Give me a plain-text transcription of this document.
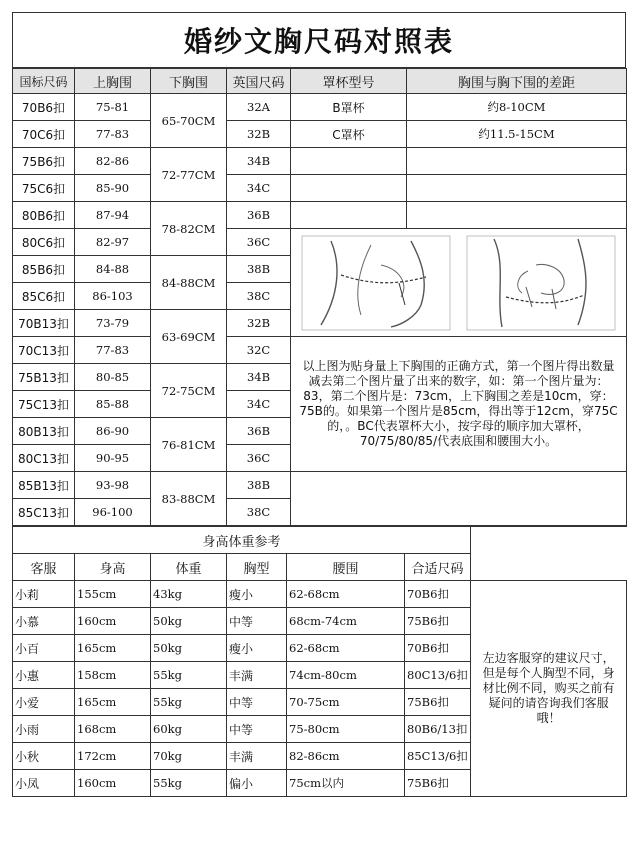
婚纱文胸尺码对照表
国标尺码	上胸围	下胸围	英国尺码	罩杯型号	胸围与胸下围的差距
70B6扣	75-81	65-70CM	32A	B罩杯	约8-10CM
70C6扣	77-83		32B	C罩杯	约11.5-15CM
75B6扣	82-86	72-77CM	34B		
75C6扣	85-90		34C		
80B6扣	87-94	78-82CM	36B		
80C6扣	82-97		36C	

85B6扣	84-88	84-88CM	38B		
85C6扣	86-103		38C		
70B13扣	73-79	63-69CM	32B		
70C13扣	77-83		32C	以上图为贴身量上下胸围的正确方式，第一个图片得出数量减去第二个图片量了出来的数字，如：第一个图片量为：83，第二个图片是：73cm，上下胸围之差是10cm，穿：75B的。如果第一个图片是85cm，得出等于12cm，穿75C的，。BC代表罩杯大小，按字母的顺序加大罩杯，70/75/80/85/代表底围和腰围大小。	
75B13扣	80-85	72-75CM	34B		
75C13扣	85-88		34C		
80B13扣	86-90	76-81CM	36B		
80C13扣	90-95		36C		
85B13扣	93-98	83-88CM	38B		
85C13扣	96-100		38C		
身高体重参考						
客服	身高	体重	胸型	腰围	合适尺码	
小莉	155cm	43kg	瘦小	62-68cm	70B6扣	左边客服穿的建议尺寸，但是每个人胸型不同，身材比例不同，购买之前有疑问的请咨询我们客服哦！
小慕	160cm	50kg	中等	68cm-74cm	75B6扣	
小百	165cm	50kg	瘦小	62-68cm	70B6扣	
小惠	158cm	55kg	丰满	74cm-80cm	80C13/6扣	
小爱	165cm	55kg	中等	70-75cm	75B6扣	
小雨	168cm	60kg	中等	75-80cm	80B6/13扣	
小秋	172cm	70kg	丰满	82-86cm	85C13/6扣	
小凤	160cm	55kg	偏小	75cm以内	75B6扣	
